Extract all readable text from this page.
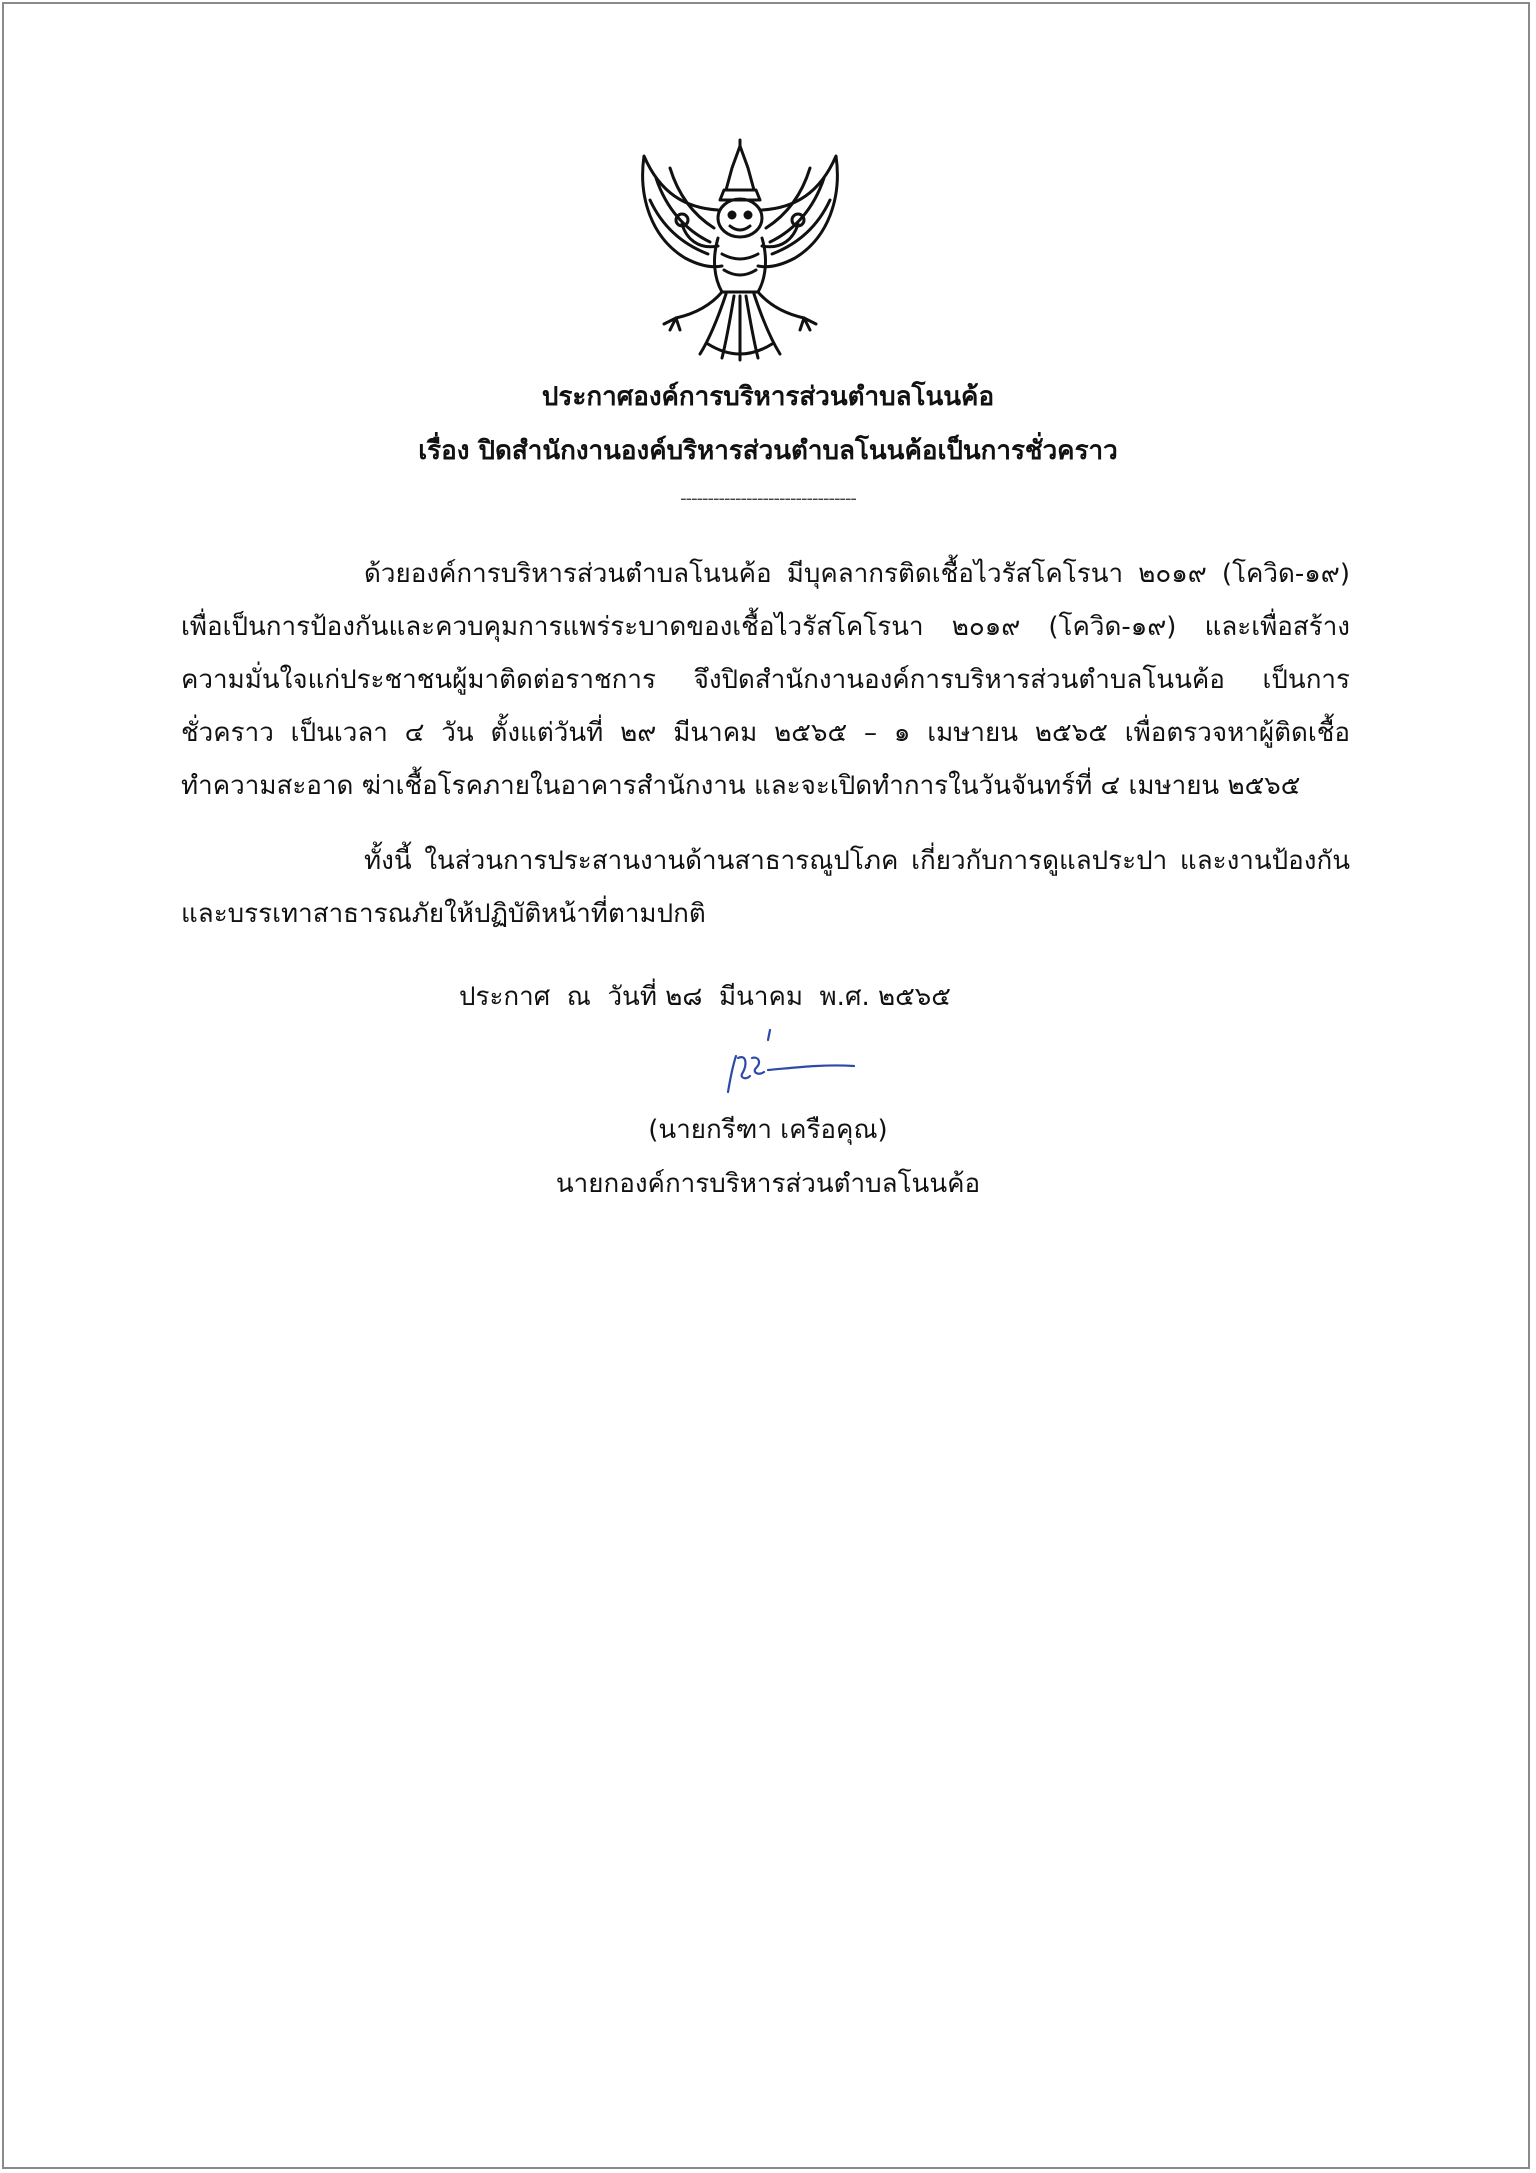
ประกาศองค์การบริหารส่วนตำบลโนนค้อ
เรื่อง ปิดสำนักงานองค์บริหารส่วนตำบลโนนค้อเป็นการชั่วคราว
--------------------------------

ด้วยองค์การบริหารส่วนตำบลโนนค้อ มีบุคลากรติดเชื้อไวรัสโคโรนา ๒๐๑๙ (โควิด-๑๙) เพื่อเป็นการป้องกันและควบคุมการแพร่ระบาดของเชื้อไวรัสโคโรนา ๒๐๑๙ (โควิด-๑๙) และเพื่อสร้างความมั่นใจแก่ประชาชนผู้มาติดต่อราชการ จึงปิดสำนักงานองค์การบริหารส่วนตำบลโนนค้อ เป็นการชั่วคราว เป็นเวลา ๔ วัน ตั้งแต่วันที่ ๒๙ มีนาคม ๒๕๖๕ – ๑ เมษายน ๒๕๖๕ เพื่อตรวจหาผู้ติดเชื้อ ทำความสะอาด ฆ่าเชื้อโรคภายในอาคารสำนักงาน และจะเปิดทำการในวันจันทร์ที่ ๔ เมษายน ๒๕๖๕

ทั้งนี้ ในส่วนการประสานงานด้านสาธารณูปโภค เกี่ยวกับการดูแลประปา และงานป้องกันและบรรเทาสาธารณภัยให้ปฏิบัติหน้าที่ตามปกติ

ประกาศ  ณ  วันที่ ๒๘  มีนาคม  พ.ศ. ๒๕๖๕
(นายกรีฑา เครือคุณ)
นายกองค์การบริหารส่วนตำบลโนนค้อ
